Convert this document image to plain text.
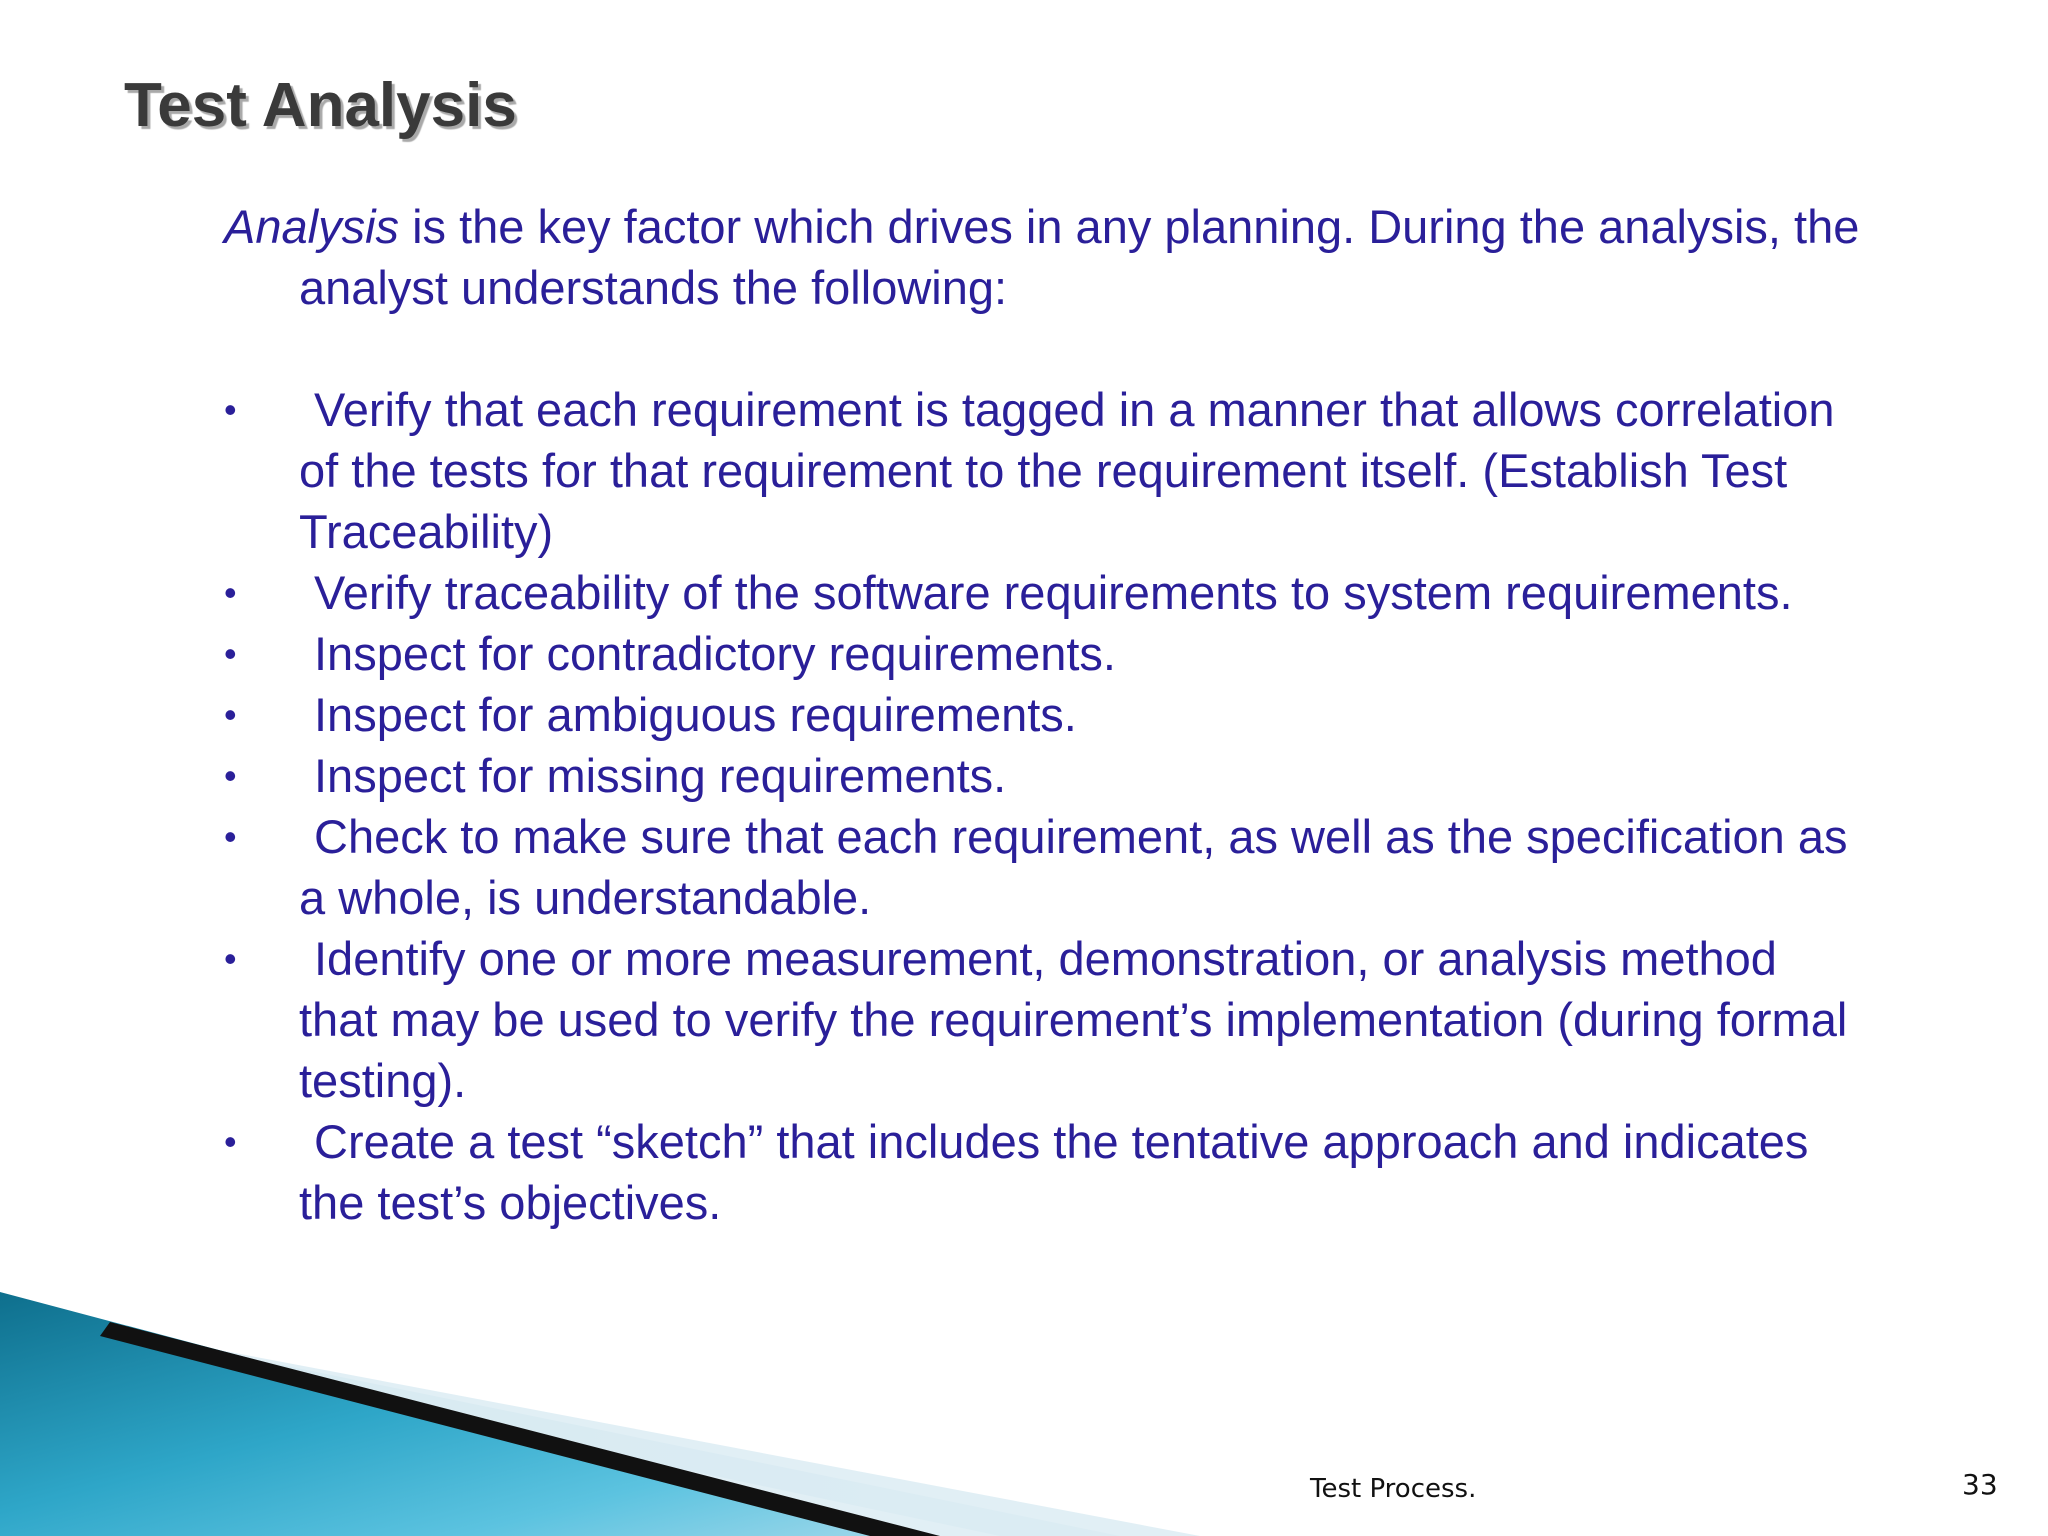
Test Analysis

Analysis is the key factor which drives in any planning. During the analysis, the analyst understands the following:

•	Verify that each requirement is tagged in a manner that allows correlation of the tests for that requirement to the requirement itself. (Establish Test Traceability)
•	Verify traceability of the software requirements to system requirements.
•	Inspect for contradictory requirements.
•	Inspect for ambiguous requirements.
•	Inspect for missing requirements.
•	Check to make sure that each requirement, as well as the specification as a whole, is understandable.
•	Identify one or more measurement, demonstration, or analysis method that may be used to verify the requirement’s implementation (during formal testing).
•	Create a test “sketch” that includes the tentative approach and indicates the test’s objectives.
Test Process.	33
